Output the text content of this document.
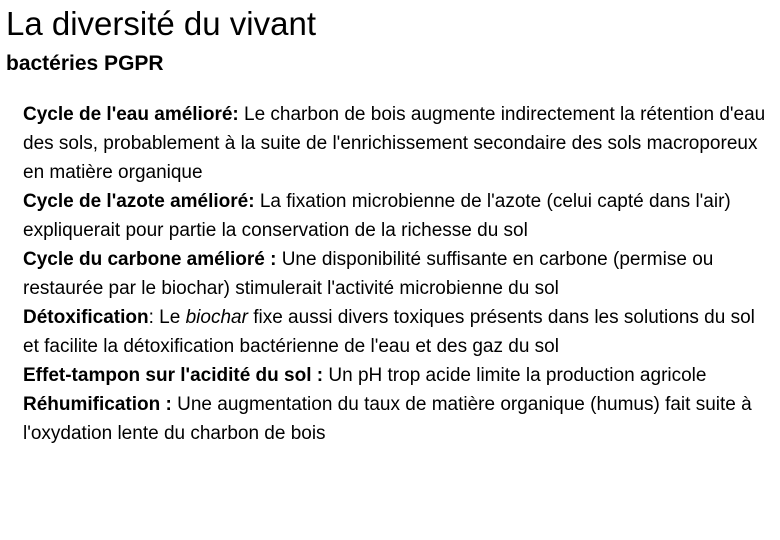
La diversité du vivant
bactéries PGPR

Cycle de l'eau amélioré: Le charbon de bois augmente indirectement la rétention d'eau des sols, probablement à la suite de l'enrichissement secondaire des sols macroporeux en matière organique

Cycle de l'azote amélioré: La fixation microbienne de l'azote (celui capté dans l'air) expliquerait pour partie la conservation de la richesse du sol

Cycle du carbone amélioré : Une disponibilité suffisante en carbone (permise ou restaurée par le biochar) stimulerait l'activité microbienne du sol

Détoxification: Le biochar fixe aussi divers toxiques présents dans les solutions du sol et facilite la détoxification bactérienne de l'eau et des gaz du sol

Effet-tampon sur l'acidité du sol : Un pH trop acide limite la production agricole

Réhumification : Une augmentation du taux de matière organique (humus) fait suite à l'oxydation lente du charbon de bois
